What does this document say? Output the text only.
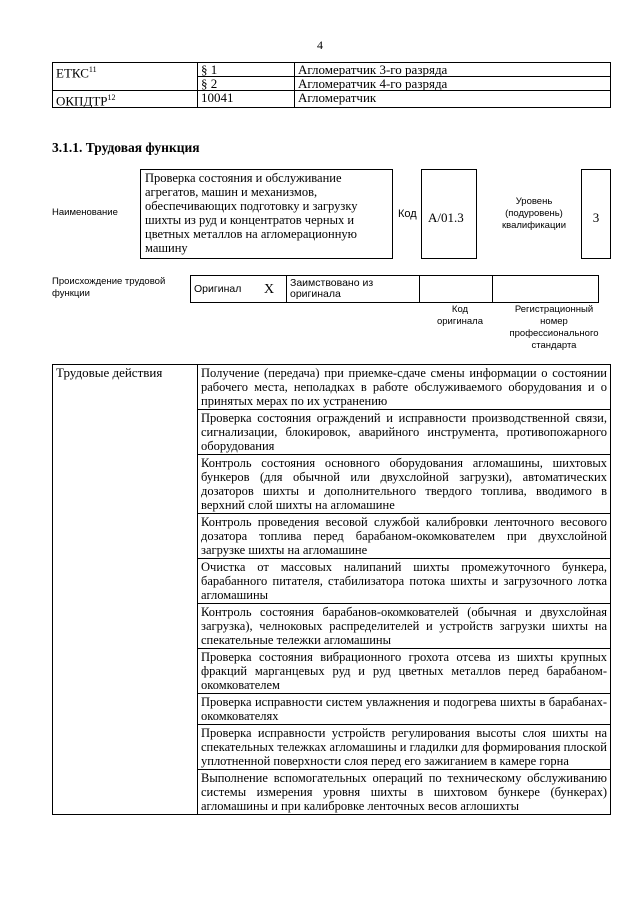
4
ЕТКС$^{11}$	§ 1	Агломератчик 3-го разряда
	§ 2	Агломератчик 4-го разряда
ОКПДТР$^{12}$	10041	Агломератчик
3.1.1. Трудовая функция
Наименование
Проверка состояния и обслуживание агрегатов, машин и механизмов, обеспечивающих подготовку и загрузку шихты из руд и концентратов черных и цветных металлов на агломерационную машину
Код А/01.3
Уровень (подуровень) квалификации
3
Происхождение трудовой функции	Оригинал	X	Заимствовано из оригинала		
Код оригинала
Регистрационный номер профессионального стандарта
Трудовые действия	Получение (передача) при приемке-сдаче смены информации о состоянии рабочего места, неполадках в работе обслуживаемого оборудования и о принятых мерах по их устранению
Проверка состояния ограждений и исправности производственной связи, сигнализации, блокировок, аварийного инструмента, противопожарного оборудования
Контроль состояния основного оборудования агломашины, шихтовых бункеров (для обычной или двухслойной загрузки), автоматических дозаторов шихты и дополнительного твердого топлива, вводимого в верхний слой шихты на агломашине
Контроль проведения весовой службой калибровки ленточного весового дозатора топлива перед барабаном-окомкователем при двухслойной загрузке шихты на агломашине
Очистка от массовых налипаний шихты промежуточного бункера, барабанного питателя, стабилизатора потока шихты и загрузочного лотка агломашины
Контроль состояния барабанов-окомкователей (обычная и двухслойная загрузка), челноковых распределителей и устройств загрузки шихты на спекательные тележки агломашины
Проверка состояния вибрационного грохота отсева из шихты крупных фракций марганцевых руд и руд цветных металлов перед барабаном-окомкователем
Проверка исправности систем увлажнения и подогрева шихты в барабанах-окомкователях
Проверка исправности устройств регулирования высоты слоя шихты на спекательных тележках агломашины и гладилки для формирования плоской уплотненной поверхности слоя перед его зажиганием в камере горна
Выполнение вспомогательных операций по техническому обслуживанию системы измерения уровня шихты в шихтовом бункере (бункерах) агломашины и при калибровке ленточных весов аглошихты
